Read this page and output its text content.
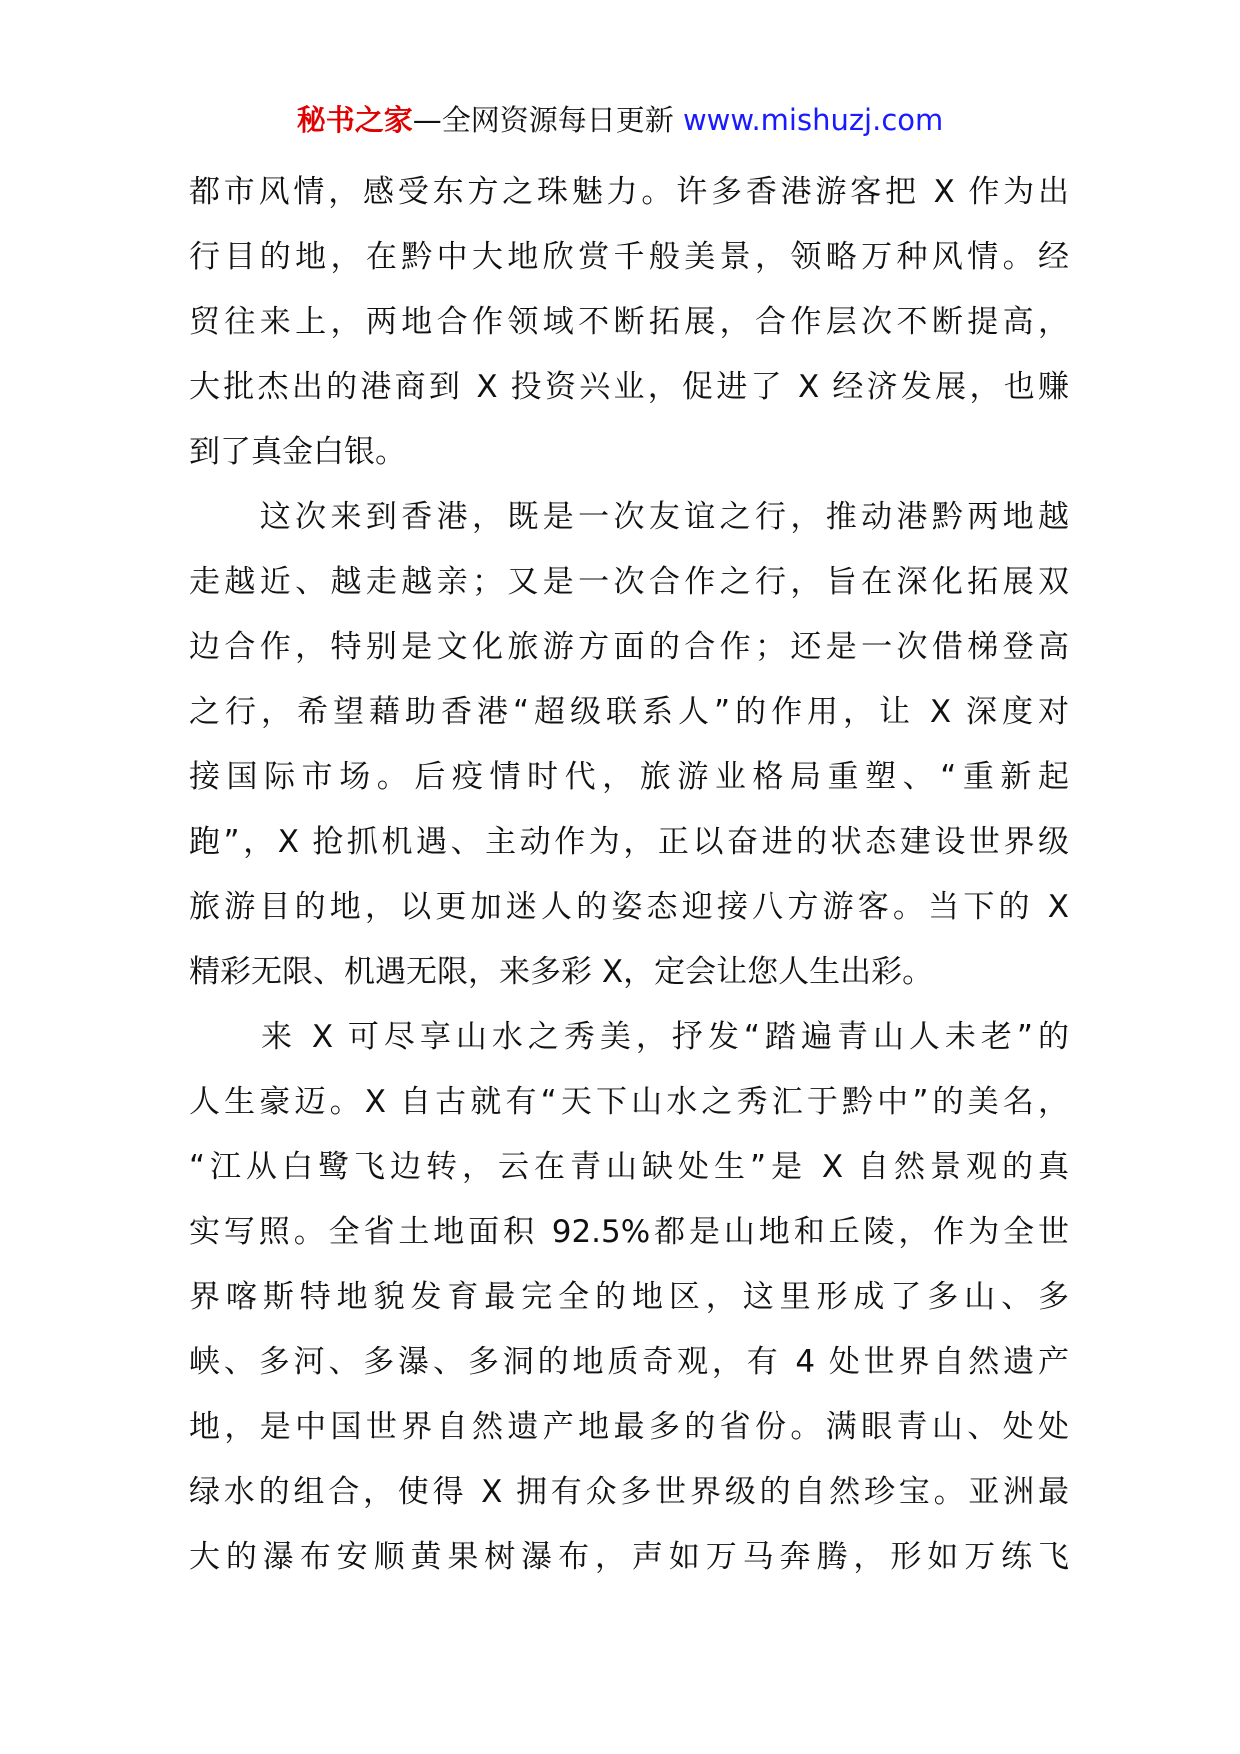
秘书之家—全网资源每日更新 www.mishuzj.com
都市风情，感受东方之珠魅力。许多香港游客把 X 作为出
行目的地，在黔中大地欣赏千般美景，领略万种风情。经
贸往来上，两地合作领域不断拓展，合作层次不断提高，
大批杰出的港商到 X 投资兴业，促进了 X 经济发展，也赚
到了真金白银。
　　这次来到香港，既是一次友谊之行，推动港黔两地越
走越近、越走越亲；又是一次合作之行，旨在深化拓展双
边合作，特别是文化旅游方面的合作；还是一次借梯登高
之行，希望藉助香港“超级联系人”的作用，让 X 深度对
接国际市场。后疫情时代，旅游业格局重塑、“重新起
跑”，X 抢抓机遇、主动作为，正以奋进的状态建设世界级
旅游目的地，以更加迷人的姿态迎接八方游客。当下的 X
精彩无限、机遇无限，来多彩 X，定会让您人生出彩。
　　来 X 可尽享山水之秀美，抒发“踏遍青山人未老”的
人生豪迈。X 自古就有“天下山水之秀汇于黔中”的美名，
“江从白鹭飞边转，云在青山缺处生”是 X 自然景观的真
实写照。全省土地面积 92.5%都是山地和丘陵，作为全世
界喀斯特地貌发育最完全的地区，这里形成了多山、多
峡、多河、多瀑、多洞的地质奇观，有 4 处世界自然遗产
地，是中国世界自然遗产地最多的省份。满眼青山、处处
绿水的组合，使得 X 拥有众多世界级的自然珍宝。亚洲最
大的瀑布安顺黄果树瀑布，声如万马奔腾，形如万练飞
